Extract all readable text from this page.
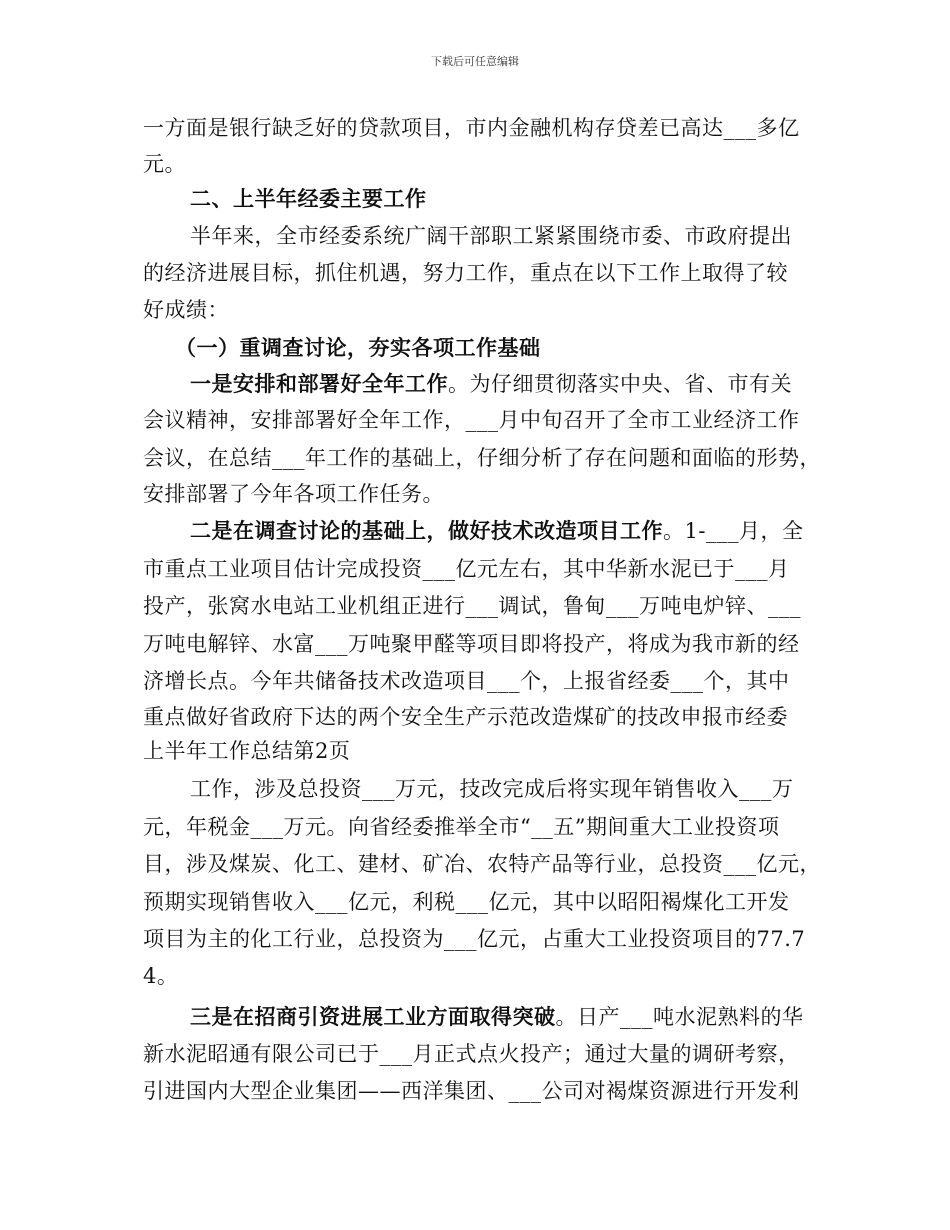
下载后可任意编辑
一方面是银行缺乏好的贷款项目，市内金融机构存贷差已高达___多亿
元。
二、上半年经委主要工作
半年来，全市经委系统广阔干部职工紧紧围绕市委、市政府提出
的经济进展目标，抓住机遇，努力工作，重点在以下工作上取得了较
好成绩：
（一）重调查讨论，夯实各项工作基础
一是安排和部署好全年工作。为仔细贯彻落实中央、省、市有关
会议精神，安排部署好全年工作，___月中旬召开了全市工业经济工作
会议，在总结___年工作的基础上，仔细分析了存在问题和面临的形势，
安排部署了今年各项工作任务。
二是在调查讨论的基础上，做好技术改造项目工作。1-___月，全
市重点工业项目估计完成投资___亿元左右，其中华新水泥已于___月
投产，张窝水电站工业机组正进行___调试，鲁甸___万吨电炉锌、___
万吨电解锌、水富___万吨聚甲醛等项目即将投产，将成为我市新的经
济增长点。今年共储备技术改造项目___个，上报省经委___个，其中
重点做好省政府下达的两个安全生产示范改造煤矿的技改申报市经委
上半年工作总结第2页
工作，涉及总投资___万元，技改完成后将实现年销售收入___万
元，年税金___万元。向省经委推举全市“__五”期间重大工业投资项
目，涉及煤炭、化工、建材、矿冶、农特产品等行业，总投资___亿元，
预期实现销售收入___亿元，利税___亿元，其中以昭阳褐煤化工开发
项目为主的化工行业，总投资为___亿元，占重大工业投资项目的77.7
4。
三是在招商引资进展工业方面取得突破。日产___吨水泥熟料的华
新水泥昭通有限公司已于___月正式点火投产；通过大量的调研考察，
引进国内大型企业集团——西洋集团、___公司对褐煤资源进行开发利
